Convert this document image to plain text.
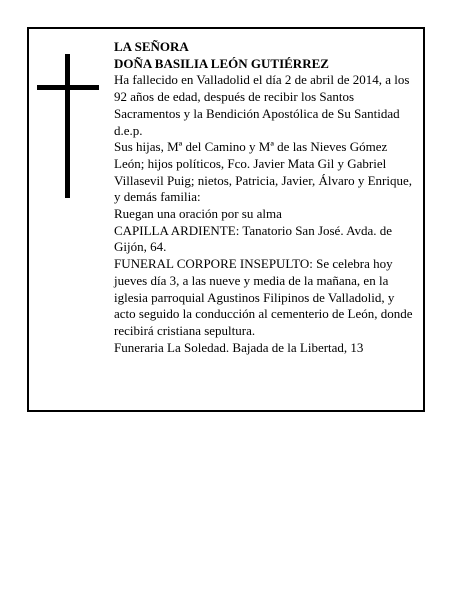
LA SEÑORA

DOÑA BASILIA LEÓN GUTIÉRREZ

Ha fallecido en Valladolid el día 2 de abril de 2014, a los 92 años de edad, después de recibir los Santos Sacramentos y la Bendición Apostólica de Su Santidad d.e.p.

Sus hijas, Mª del Camino y Mª de las Nieves Gómez León; hijos políticos, Fco. Javier Mata Gil y Gabriel Villasevil Puig; nietos, Patricia, Javier, Álvaro y Enrique, y demás familia:

Ruegan una oración por su alma

CAPILLA ARDIENTE: Tanatorio San José. Avda. de Gijón, 64.

FUNERAL CORPORE INSEPULTO: Se celebra hoy jueves día 3, a las nueve y media de la mañana, en la iglesia parroquial Agustinos Filipinos de Valladolid, y acto seguido la conducción al cementerio de León, donde recibirá cristiana sepultura.

Funeraria La Soledad. Bajada de la Libertad, 13
